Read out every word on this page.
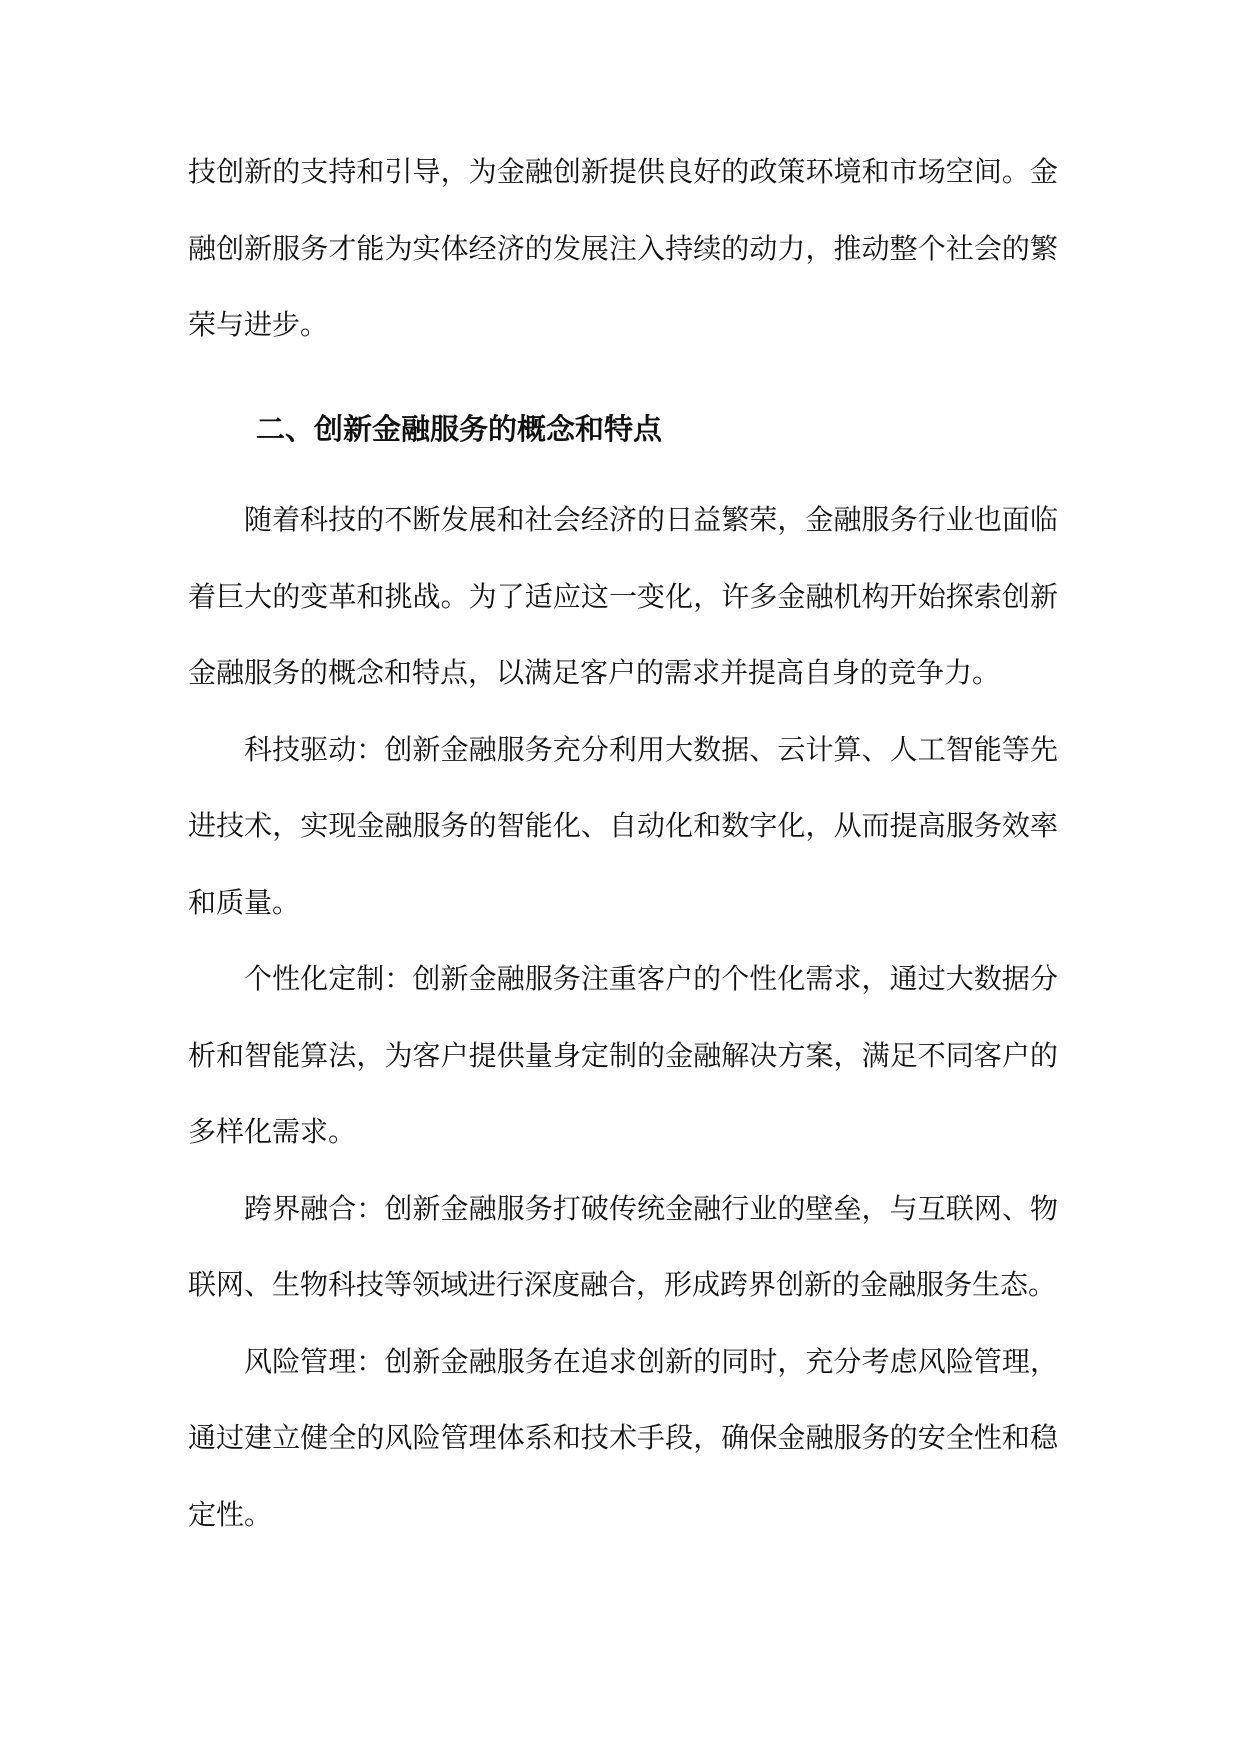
技创新的支持和引导，为金融创新提供良好的政策环境和市场空间。金融创新服务才能为实体经济的发展注入持续的动力，推动整个社会的繁荣与进步。

二、创新金融服务的概念和特点

随着科技的不断发展和社会经济的日益繁荣，金融服务行业也面临着巨大的变革和挑战。为了适应这一变化，许多金融机构开始探索创新金融服务的概念和特点，以满足客户的需求并提高自身的竞争力。

科技驱动：创新金融服务充分利用大数据、云计算、人工智能等先进技术，实现金融服务的智能化、自动化和数字化，从而提高服务效率和质量。

个性化定制：创新金融服务注重客户的个性化需求，通过大数据分析和智能算法，为客户提供量身定制的金融解决方案，满足不同客户的多样化需求。

跨界融合：创新金融服务打破传统金融行业的壁垒，与互联网、物联网、生物科技等领域进行深度融合，形成跨界创新的金融服务生态。

风险管理：创新金融服务在追求创新的同时，充分考虑风险管理，通过建立健全的风险管理体系和技术手段，确保金融服务的安全性和稳定性。
